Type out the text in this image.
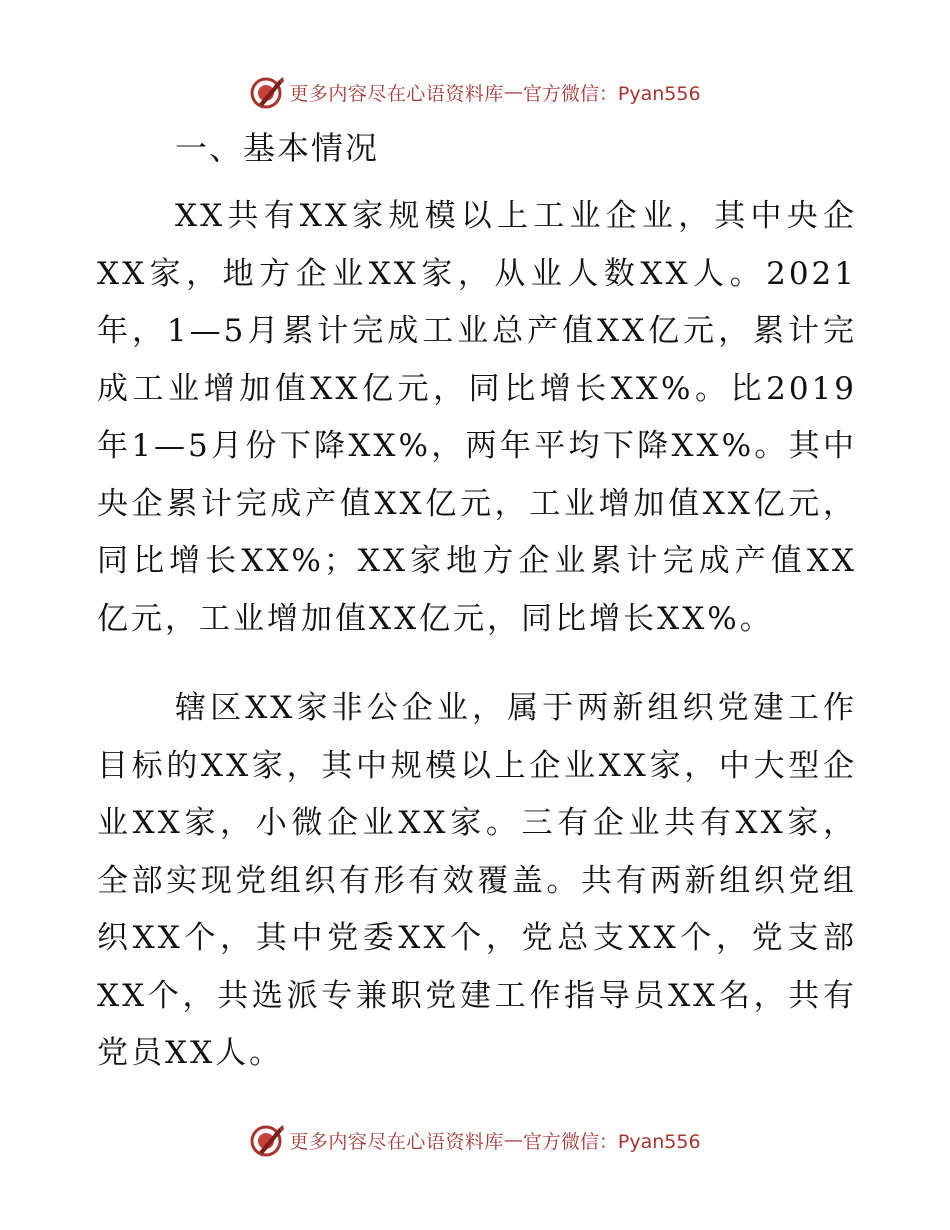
更多内容尽在心语资料库 — 官方微信：Pyan556
一、基本情况

XX共有XX家规模以上工业企业，其中央企XX家，地方企业XX家，从业人数XX人。2021年，1—5月累计完成工业总产值XX亿元，累计完成工业增加值XX亿元，同比增长XX%。比2019年1—5月份下降XX%，两年平均下降XX%。其中央企累计完成产值XX亿元，工业增加值XX亿元，同比增长XX%；XX家地方企业累计完成产值XX亿元，工业增加值XX亿元，同比增长XX%。

辖区XX家非公企业，属于两新组织党建工作目标的XX家，其中规模以上企业XX家，中大型企业XX家，小微企业XX家。三有企业共有XX家，全部实现党组织有形有效覆盖。共有两新组织党组织XX个，其中党委XX个，党总支XX个，党支部XX个，共选派专兼职党建工作指导员XX名，共有党员XX人。

更多内容尽在心语资料库 — 官方微信：Pyan556
